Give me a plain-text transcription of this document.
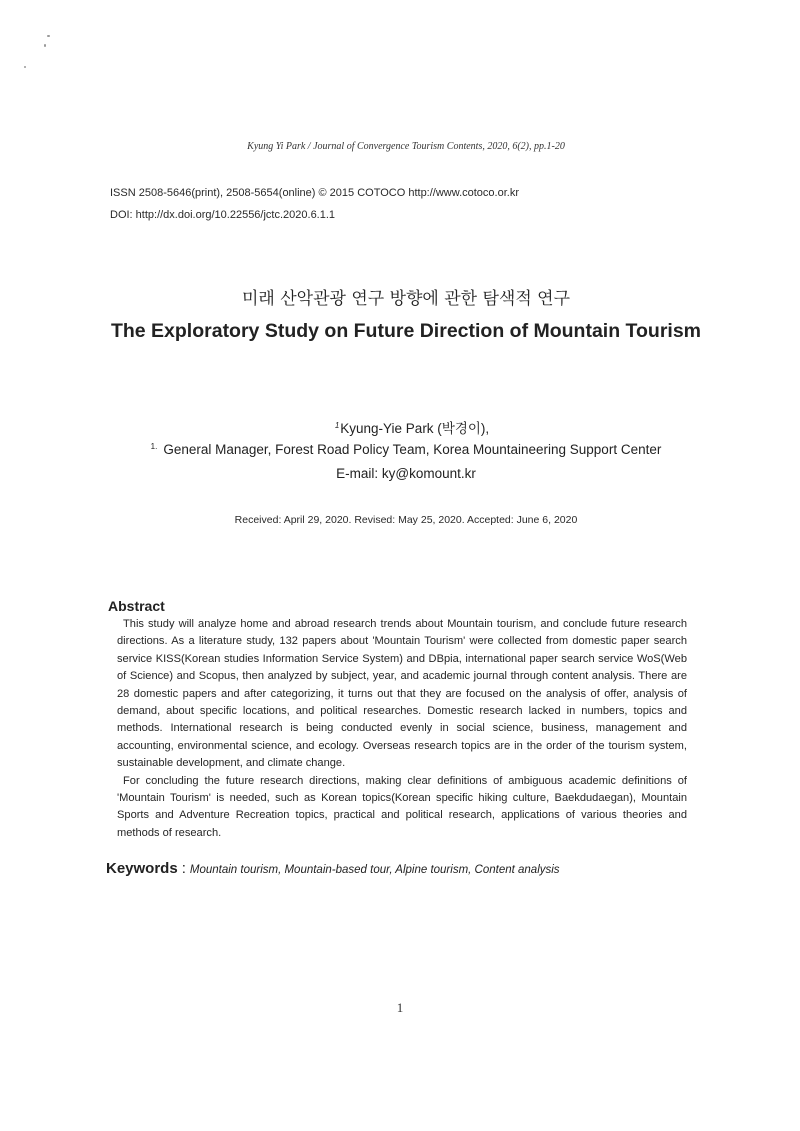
Kyung Yi Park / Journal of Convergence Tourism Contents, 2020, 6(2), pp.1-20
ISSN 2508-5646(print), 2508-5654(online) © 2015 COTOCO http://www.cotoco.or.kr
DOI: http://dx.doi.org/10.22556/jctc.2020.6.1.1
미래 산악관광 연구 방향에 관한 탐색적 연구
The Exploratory Study on Future Direction of Mountain Tourism
$^1$Kyung-Yie Park (박경이),
$^{1.}$ General Manager, Forest Road Policy Team, Korea Mountaineering Support Center
E-mail: ky@komount.kr
Received: April 29, 2020. Revised: May 25, 2020. Accepted: June 6, 2020
Abstract

This study will analyze home and abroad research trends about Mountain tourism, and conclude future research directions. As a literature study, 132 papers about 'Mountain Tourism' were collected from domestic paper search service KISS(Korean studies Information Service System) and DBpia, international paper search service WoS(Web of Science) and Scopus, then analyzed by subject, year, and academic journal through content analysis. There are 28 domestic papers and after categorizing, it turns out that they are focused on the analysis of offer, analysis of demand, about specific locations, and political researches. Domestic research lacked in numbers, topics and methods. International research is being conducted evenly in social science, business, management and accounting, environmental science, and ecology. Overseas research topics are in the order of the tourism system, sustainable development, and climate change.

For concluding the future research directions, making clear definitions of ambiguous academic definitions of 'Mountain Tourism' is needed, such as Korean topics(Korean specific hiking culture, Baekdudaegan), Mountain Sports and Adventure Recreation topics, practical and political research, applications of various theories and methods of research.

Keywords : Mountain tourism, Mountain-based tour, Alpine tourism, Content analysis
1
